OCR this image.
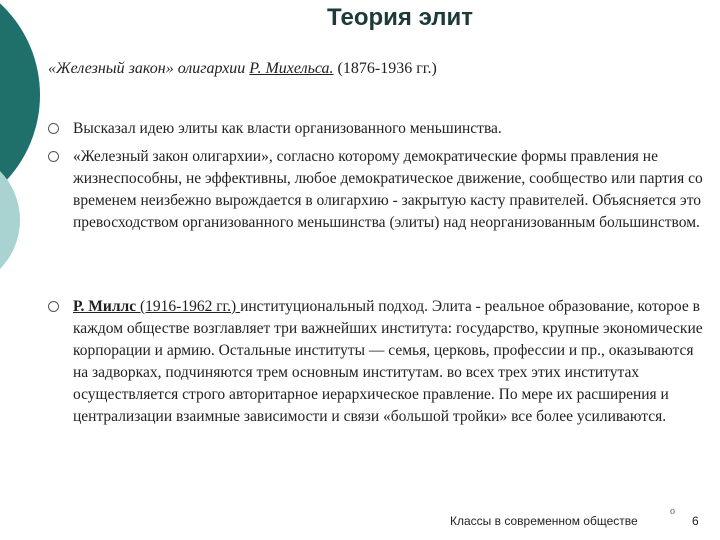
Теория элит
«Железный закон» олигархии Р. Михельса. (1876-1936 гг.)
Высказал идею элиты как власти организованного меньшинства.
«Железный закон олигархии», согласно которому демократические формы правления не жизнеспособны, не эффективны, любое демократическое движение, сообщество или партия со временем неизбежно вырождается в олигархию - закрытую касту правителей. Объясняется это превосходством организованного меньшинства (элиты) над неорганизованным большинством.
Р. Миллс (1916-1962 гг.) институциональный подход. Элита - реальное образование, которое в каждом обществе возглавляет три важнейших института: государство, крупные экономические корпорации и армию. Остальные институты — семья, церковь, профессии и пр., оказываются на задворках, подчиняются трем основным институтам. во всех трех этих институтах осуществляется строго авторитарное иерархическое правление. По мере их расширения и централизации взаимные зависимости и связи «большой тройки» все более усиливаются.
Классы в современном обществе
o
6
